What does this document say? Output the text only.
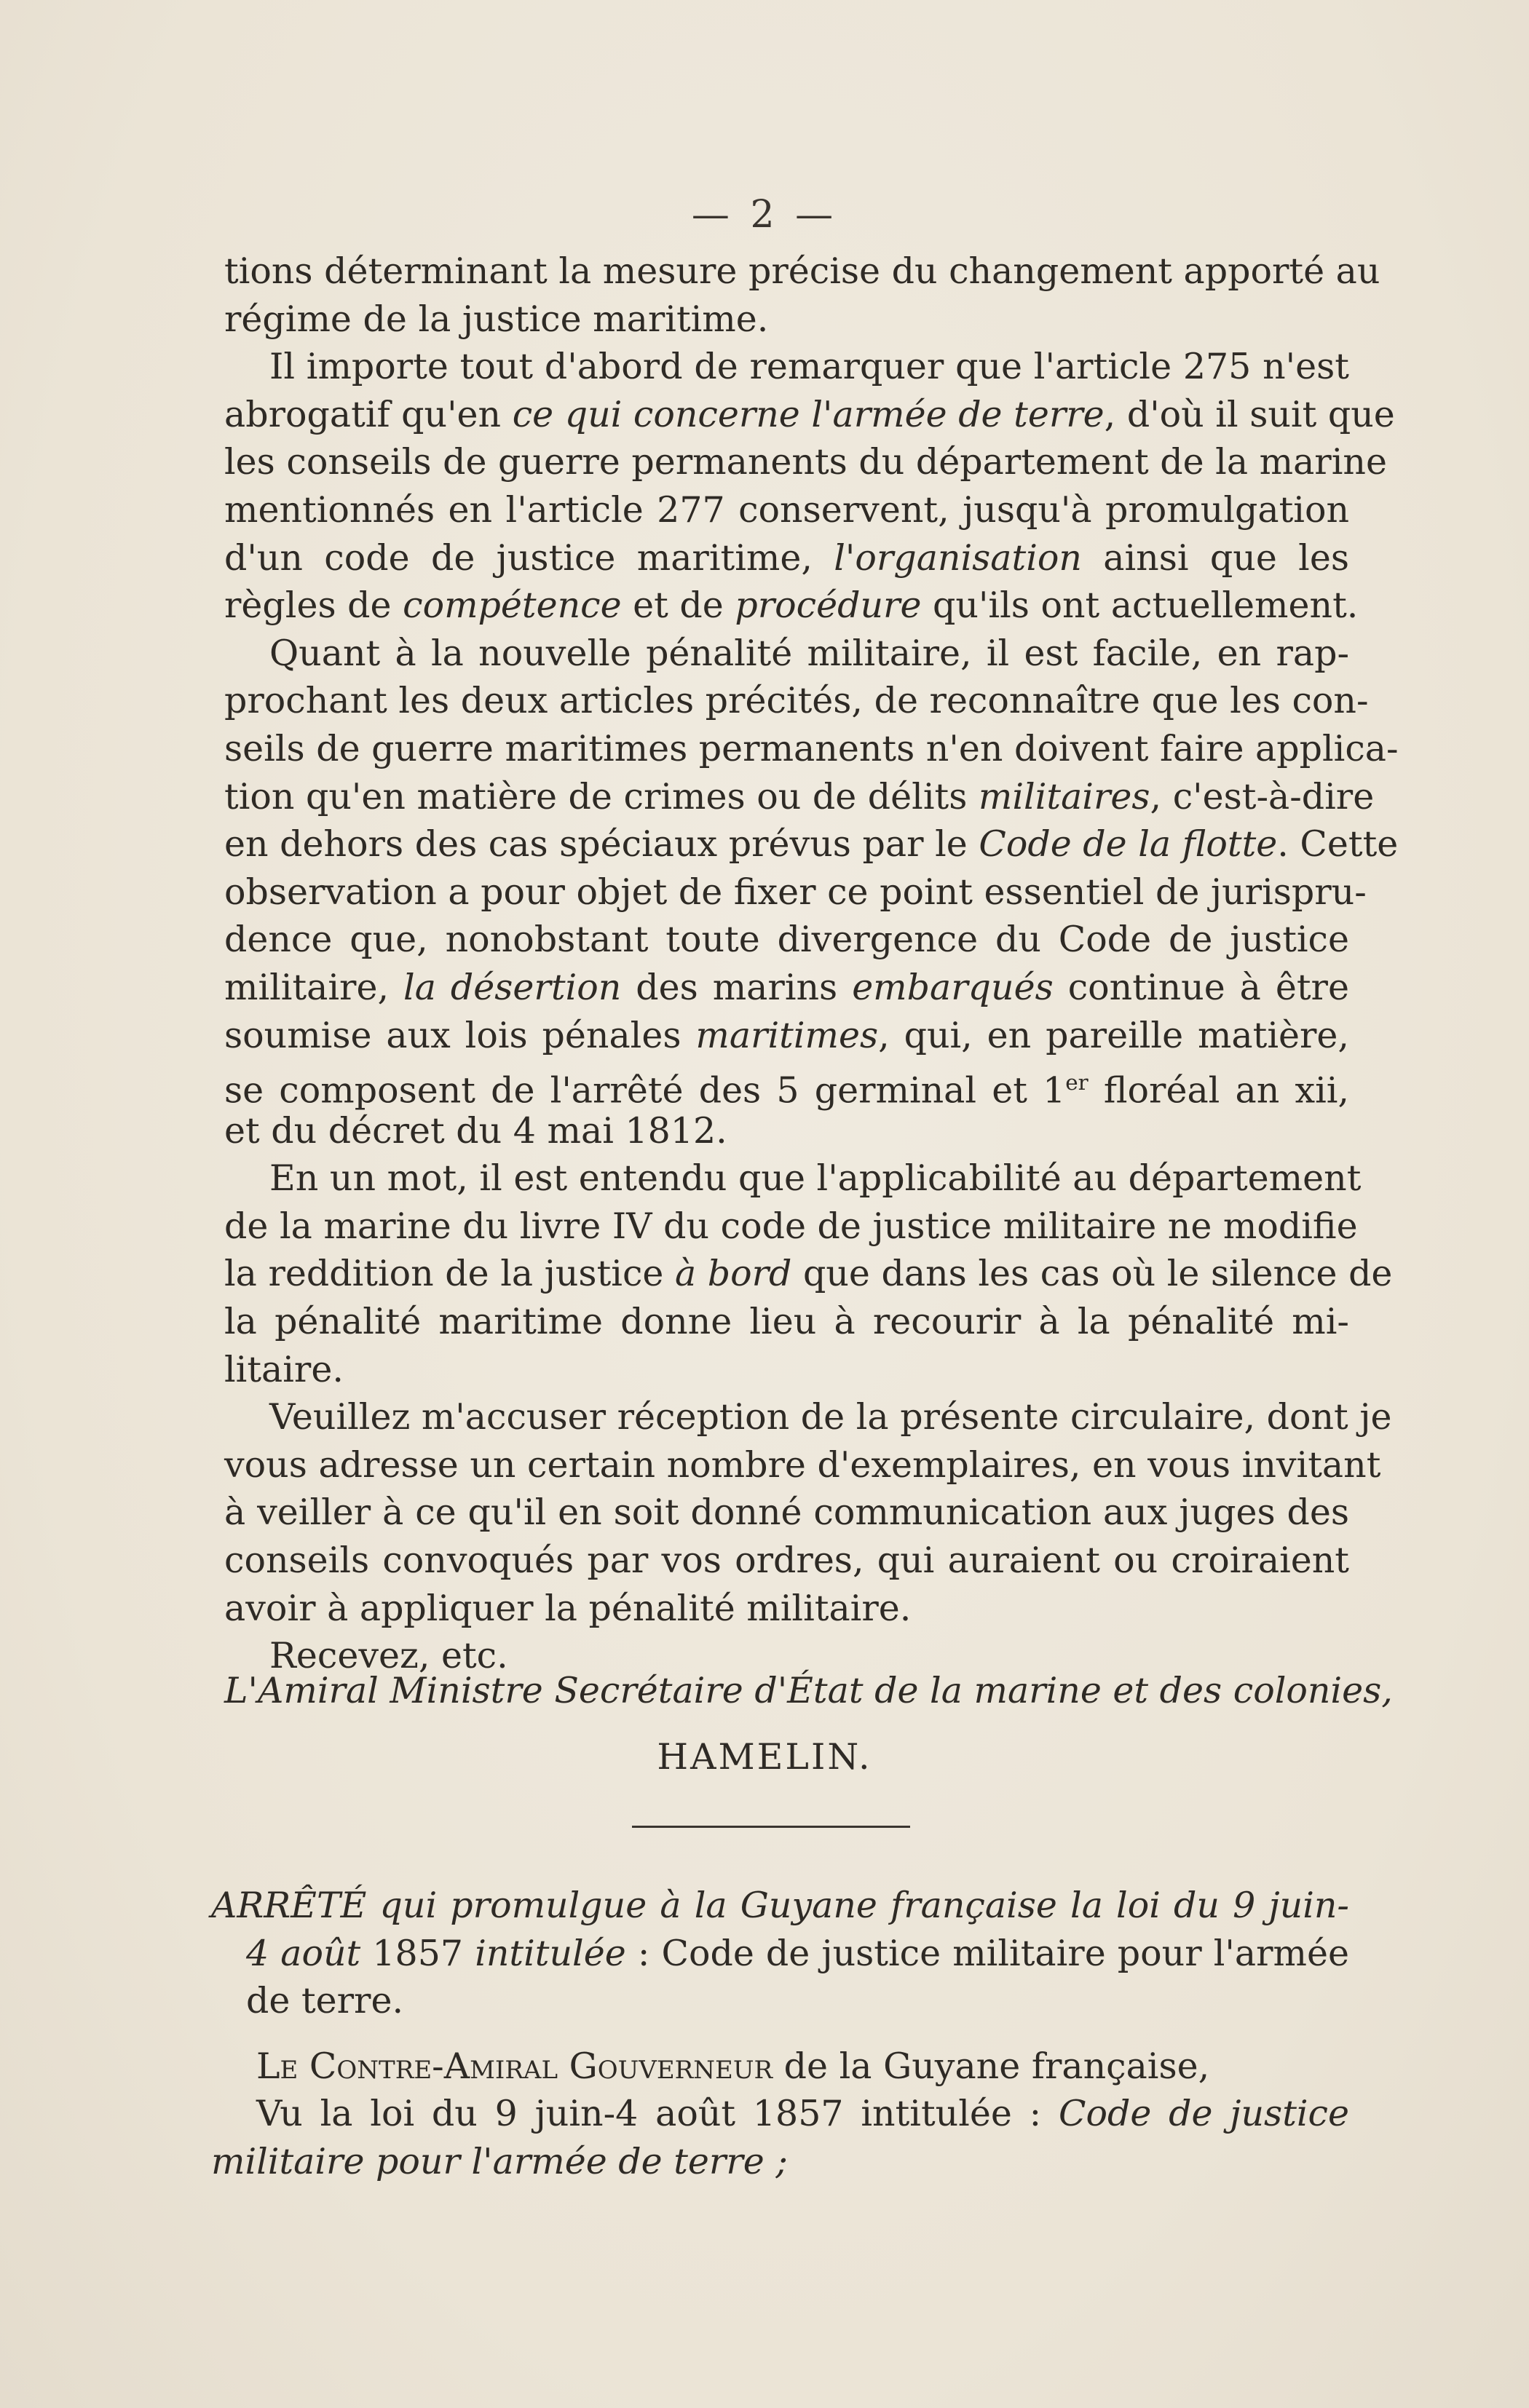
— 2 —
tions déterminant la mesure précise du changement apporté au
régime de la justice maritime.
Il importe tout d'abord de remarquer que l'article 275 n'est
abrogatif qu'en ce qui concerne l'armée de terre, d'où il suit que
les conseils de guerre permanents du département de la marine
mentionnés en l'article 277 conservent, jusqu'à promulgation
d'un code de justice maritime, l'organisation ainsi que les
règles de compétence et de procédure qu'ils ont actuellement.
Quant à la nouvelle pénalité militaire, il est facile, en rap-
prochant les deux articles précités, de reconnaître que les con-
seils de guerre maritimes permanents n'en doivent faire applica-
tion qu'en matière de crimes ou de délits militaires, c'est-à-dire
en dehors des cas spéciaux prévus par le Code de la flotte. Cette
observation a pour objet de fixer ce point essentiel de jurispru-
dence que, nonobstant toute divergence du Code de justice
militaire, la désertion des marins embarqués continue à être
soumise aux lois pénales maritimes, qui, en pareille matière,
se composent de l'arrêté des 5 germinal et 1er floréal an xii,
et du décret du 4 mai 1812.
En un mot, il est entendu que l'applicabilité au département
de la marine du livre IV du code de justice militaire ne modifie
la reddition de la justice à bord que dans les cas où le silence de
la pénalité maritime donne lieu à recourir à la pénalité mi-
litaire.
Veuillez m'accuser réception de la présente circulaire, dont je
vous adresse un certain nombre d'exemplaires, en vous invitant
à veiller à ce qu'il en soit donné communication aux juges des
conseils convoqués par vos ordres, qui auraient ou croiraient
avoir à appliquer la pénalité militaire.
Recevez, etc.
L'Amiral Ministre Secrétaire d'État de la marine et des colonies,
HAMELIN.
ARRÊTÉ qui promulgue à la Guyane française la loi du 9 juin-
4 août 1857 intitulée : Code de justice militaire pour l'armée
de terre.
Le Contre-Amiral Gouverneur de la Guyane française,
Vu la loi du 9 juin-4 août 1857 intitulée : Code de justice
militaire pour l'armée de terre ;
